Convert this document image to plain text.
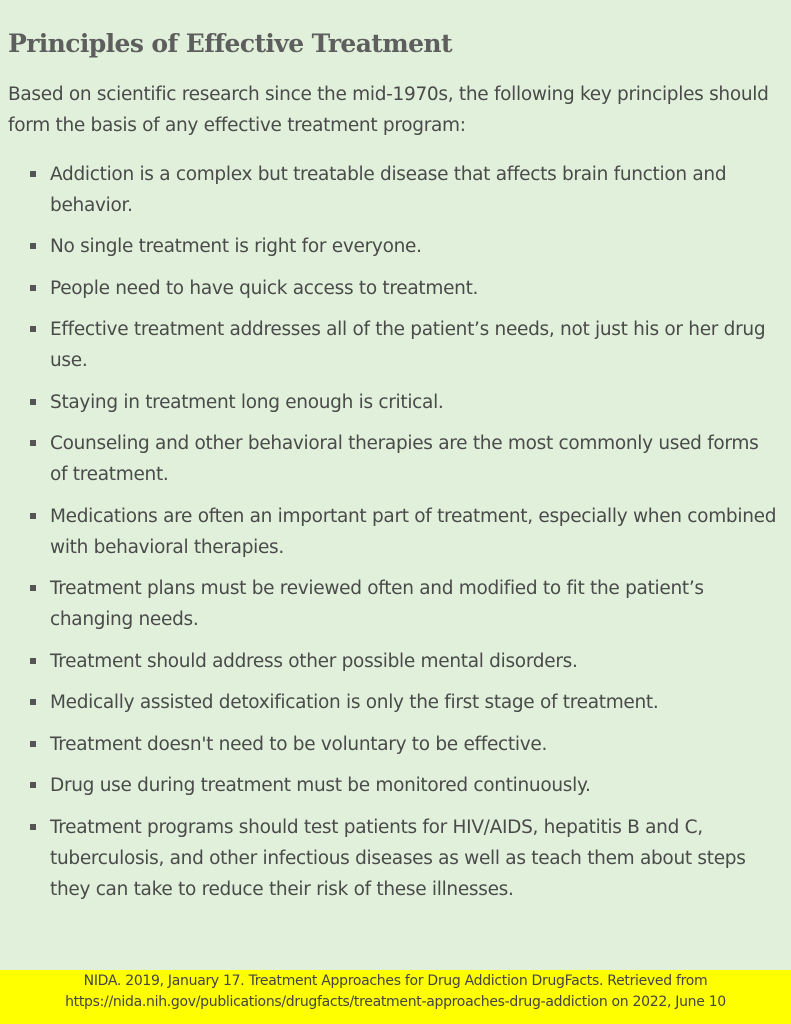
Principles of Effective Treatment

Based on scientific research since the mid-1970s, the following key principles should form the basis of any effective treatment program:

Addiction is a complex but treatable disease that affects brain function and behavior.
No single treatment is right for everyone.
People need to have quick access to treatment.
Effective treatment addresses all of the patient’s needs, not just his or her drug use.
Staying in treatment long enough is critical.
Counseling and other behavioral therapies are the most commonly used forms of treatment.
Medications are often an important part of treatment, especially when combined with behavioral therapies.
Treatment plans must be reviewed often and modified to fit the patient’s changing needs.
Treatment should address other possible mental disorders.
Medically assisted detoxification is only the first stage of treatment.
Treatment doesn't need to be voluntary to be effective.
Drug use during treatment must be monitored continuously.
Treatment programs should test patients for HIV/AIDS, hepatitis B and C, tuberculosis, and other infectious diseases as well as teach them about steps they can take to reduce their risk of these illnesses.
NIDA. 2019, January 17. Treatment Approaches for Drug Addiction DrugFacts. Retrieved from
https://nida.nih.gov/publications/drugfacts/treatment-approaches-drug-addiction on 2022, June 10
